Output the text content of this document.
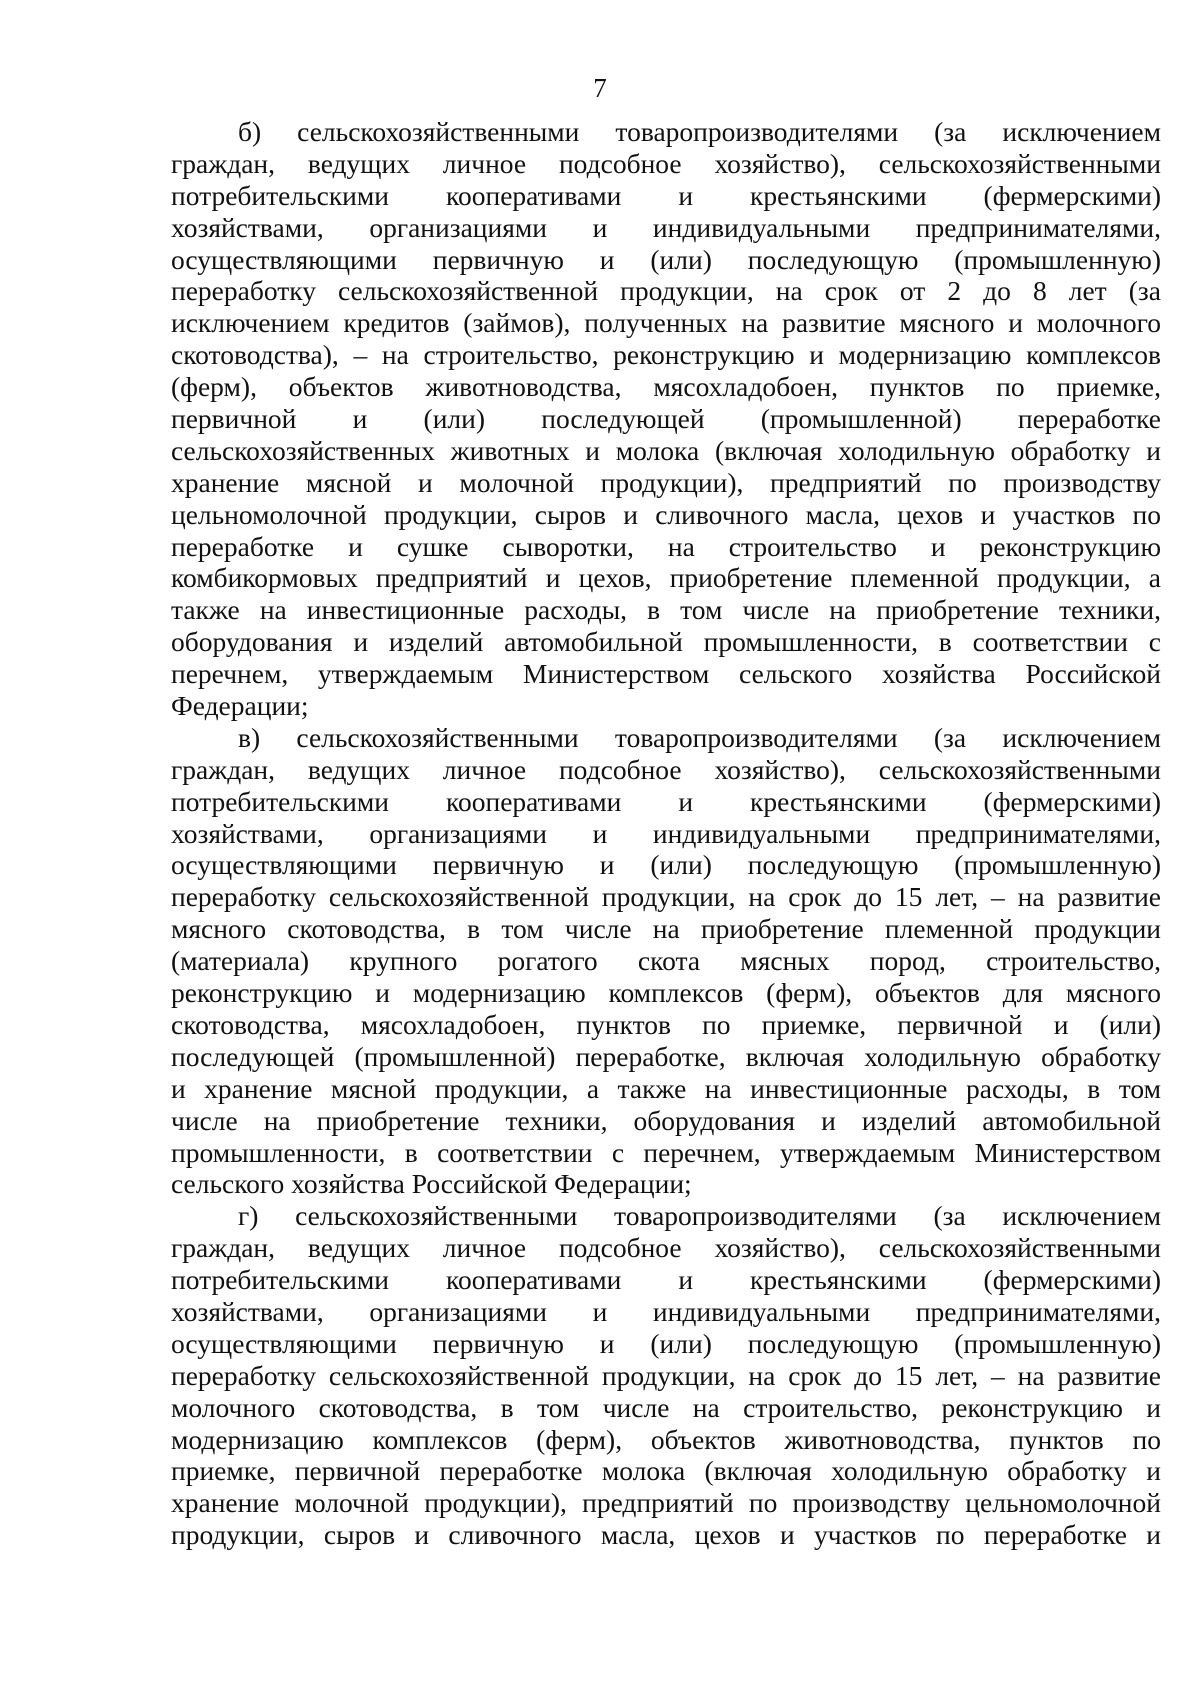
7
б) сельскохозяйственными товаропроизводителями (за исключением
граждан, ведущих личное подсобное хозяйство), сельскохозяйственными
потребительскими кооперативами и крестьянскими (фермерскими)
хозяйствами, организациями и индивидуальными предпринимателями,
осуществляющими первичную и (или) последующую (промышленную)
переработку сельскохозяйственной продукции, на срок от 2 до 8 лет (за
исключением кредитов (займов), полученных на развитие мясного и молочного
скотоводства), – на строительство, реконструкцию и модернизацию комплексов
(ферм), объектов животноводства, мясохладобоен, пунктов по приемке,
первичной и (или) последующей (промышленной) переработке
сельскохозяйственных животных и молока (включая холодильную обработку и
хранение мясной и молочной продукции), предприятий по производству
цельномолочной продукции, сыров и сливочного масла, цехов и участков по
переработке и сушке сыворотки, на строительство и реконструкцию
комбикормовых предприятий и цехов, приобретение племенной продукции, а
также на инвестиционные расходы, в том числе на приобретение техники,
оборудования и изделий автомобильной промышленности, в соответствии с
перечнем, утверждаемым Министерством сельского хозяйства Российской
Федерации;
в) сельскохозяйственными товаропроизводителями (за исключением
граждан, ведущих личное подсобное хозяйство), сельскохозяйственными
потребительскими кооперативами и крестьянскими (фермерскими)
хозяйствами, организациями и индивидуальными предпринимателями,
осуществляющими первичную и (или) последующую (промышленную)
переработку сельскохозяйственной продукции, на срок до 15 лет, – на развитие
мясного скотоводства, в том числе на приобретение племенной продукции
(материала) крупного рогатого скота мясных пород, строительство,
реконструкцию и модернизацию комплексов (ферм), объектов для мясного
скотоводства, мясохладобоен, пунктов по приемке, первичной и (или)
последующей (промышленной) переработке, включая холодильную обработку
и хранение мясной продукции, а также на инвестиционные расходы, в том
числе на приобретение техники, оборудования и изделий автомобильной
промышленности, в соответствии с перечнем, утверждаемым Министерством
сельского хозяйства Российской Федерации;
г) сельскохозяйственными товаропроизводителями (за исключением
граждан, ведущих личное подсобное хозяйство), сельскохозяйственными
потребительскими кооперативами и крестьянскими (фермерскими)
хозяйствами, организациями и индивидуальными предпринимателями,
осуществляющими первичную и (или) последующую (промышленную)
переработку сельскохозяйственной продукции, на срок до 15 лет, – на развитие
молочного скотоводства, в том числе на строительство, реконструкцию и
модернизацию комплексов (ферм), объектов животноводства, пунктов по
приемке, первичной переработке молока (включая холодильную обработку и
хранение молочной продукции), предприятий по производству цельномолочной
продукции, сыров и сливочного масла, цехов и участков по переработке и
